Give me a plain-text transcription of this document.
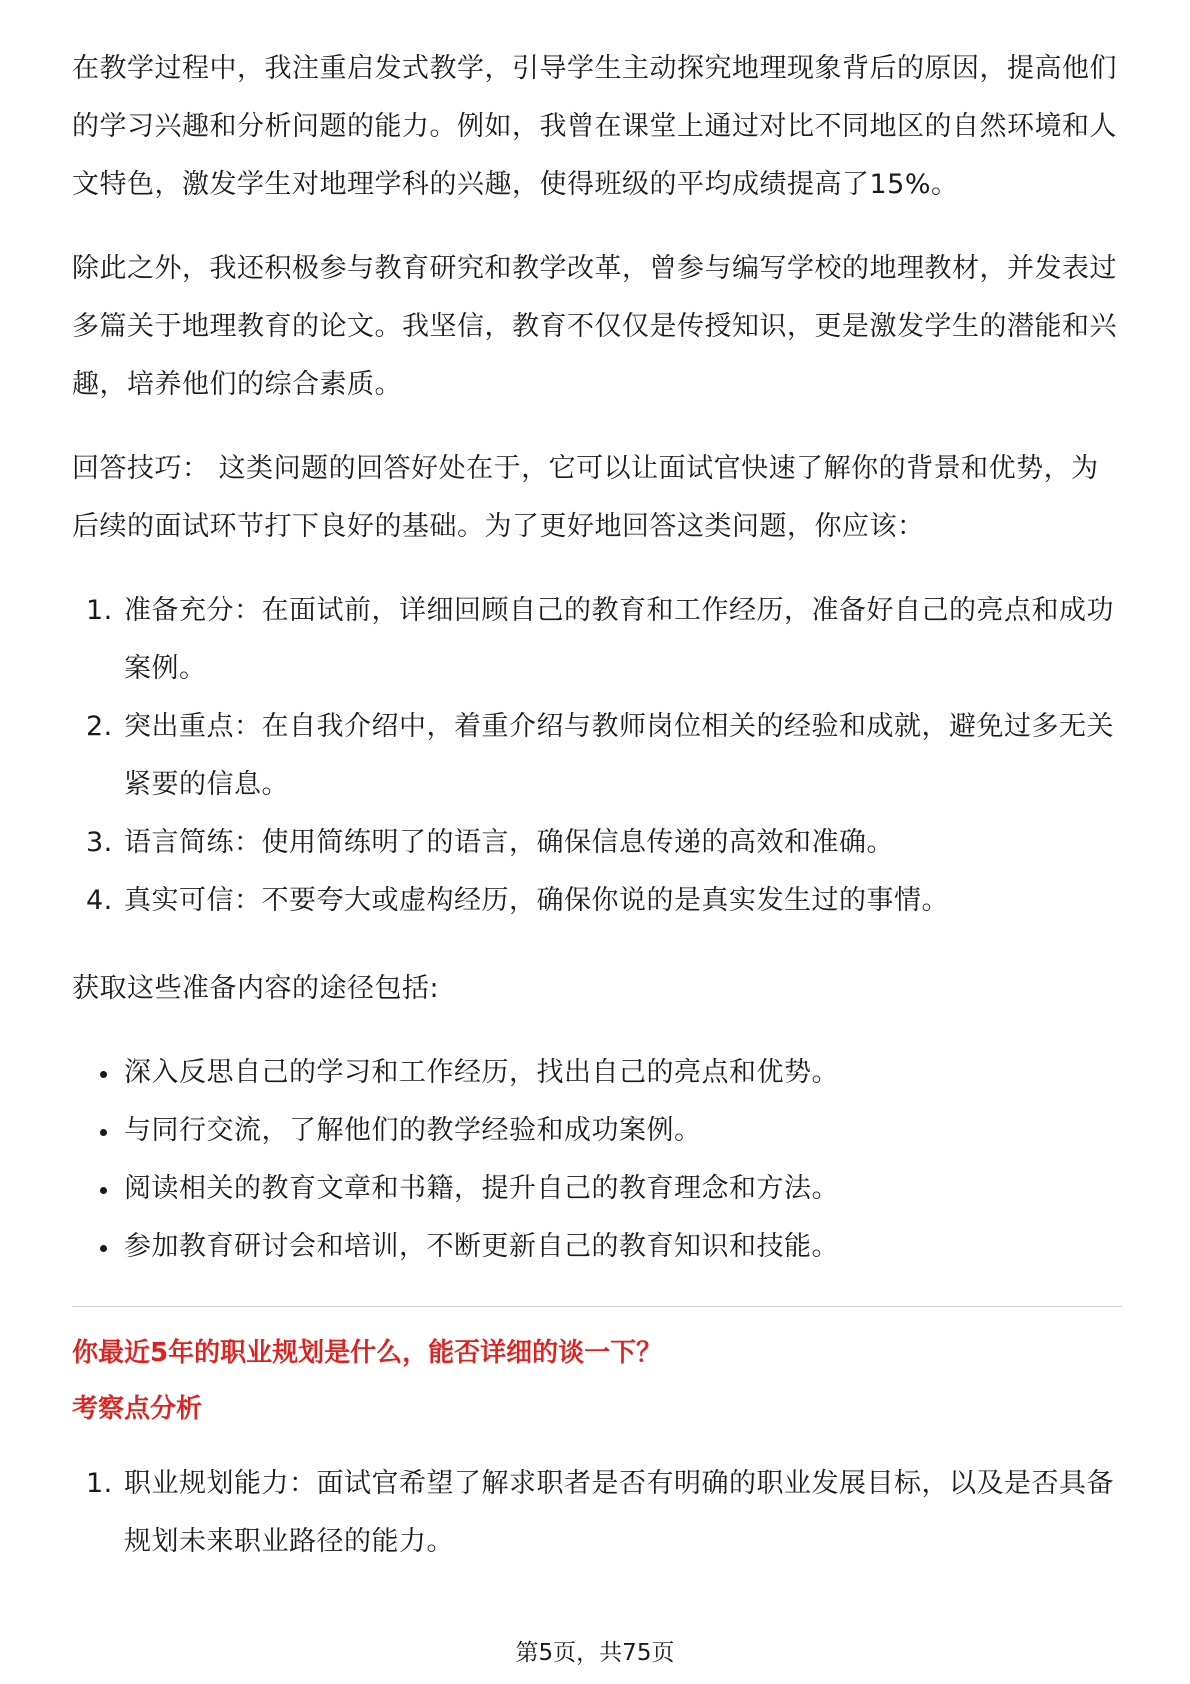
在教学过程中，我注重启发式教学，引导学生主动探究地理现象背后的原因，提高他们的学习兴趣和分析问题的能力。例如，我曾在课堂上通过对比不同地区的自然环境和人文特色，激发学生对地理学科的兴趣，使得班级的平均成绩提高了15%。

除此之外，我还积极参与教育研究和教学改革，曾参与编写学校的地理教材，并发表过多篇关于地理教育的论文。我坚信，教育不仅仅是传授知识，更是激发学生的潜能和兴趣，培养他们的综合素质。

回答技巧： 这类问题的回答好处在于，它可以让面试官快速了解你的背景和优势，为后续的面试环节打下良好的基础。为了更好地回答这类问题，你应该：

1. 准备充分：在面试前，详细回顾自己的教育和工作经历，准备好自己的亮点和成功案例。
2. 突出重点：在自我介绍中，着重介绍与教师岗位相关的经验和成就，避免过多无关紧要的信息。
3. 语言简练：使用简练明了的语言，确保信息传递的高效和准确。
4. 真实可信：不要夸大或虚构经历，确保你说的是真实发生过的事情。

获取这些准备内容的途径包括:

深入反思自己的学习和工作经历，找出自己的亮点和优势。
与同行交流，了解他们的教学经验和成功案例。
阅读相关的教育文章和书籍，提升自己的教育理念和方法。
参加教育研讨会和培训，不断更新自己的教育知识和技能。

你最近5年的职业规划是什么，能否详细的谈一下？

考察点分析

1. 职业规划能力：面试官希望了解求职者是否有明确的职业发展目标，以及是否具备规划未来职业路径的能力。
第5页，共75页
